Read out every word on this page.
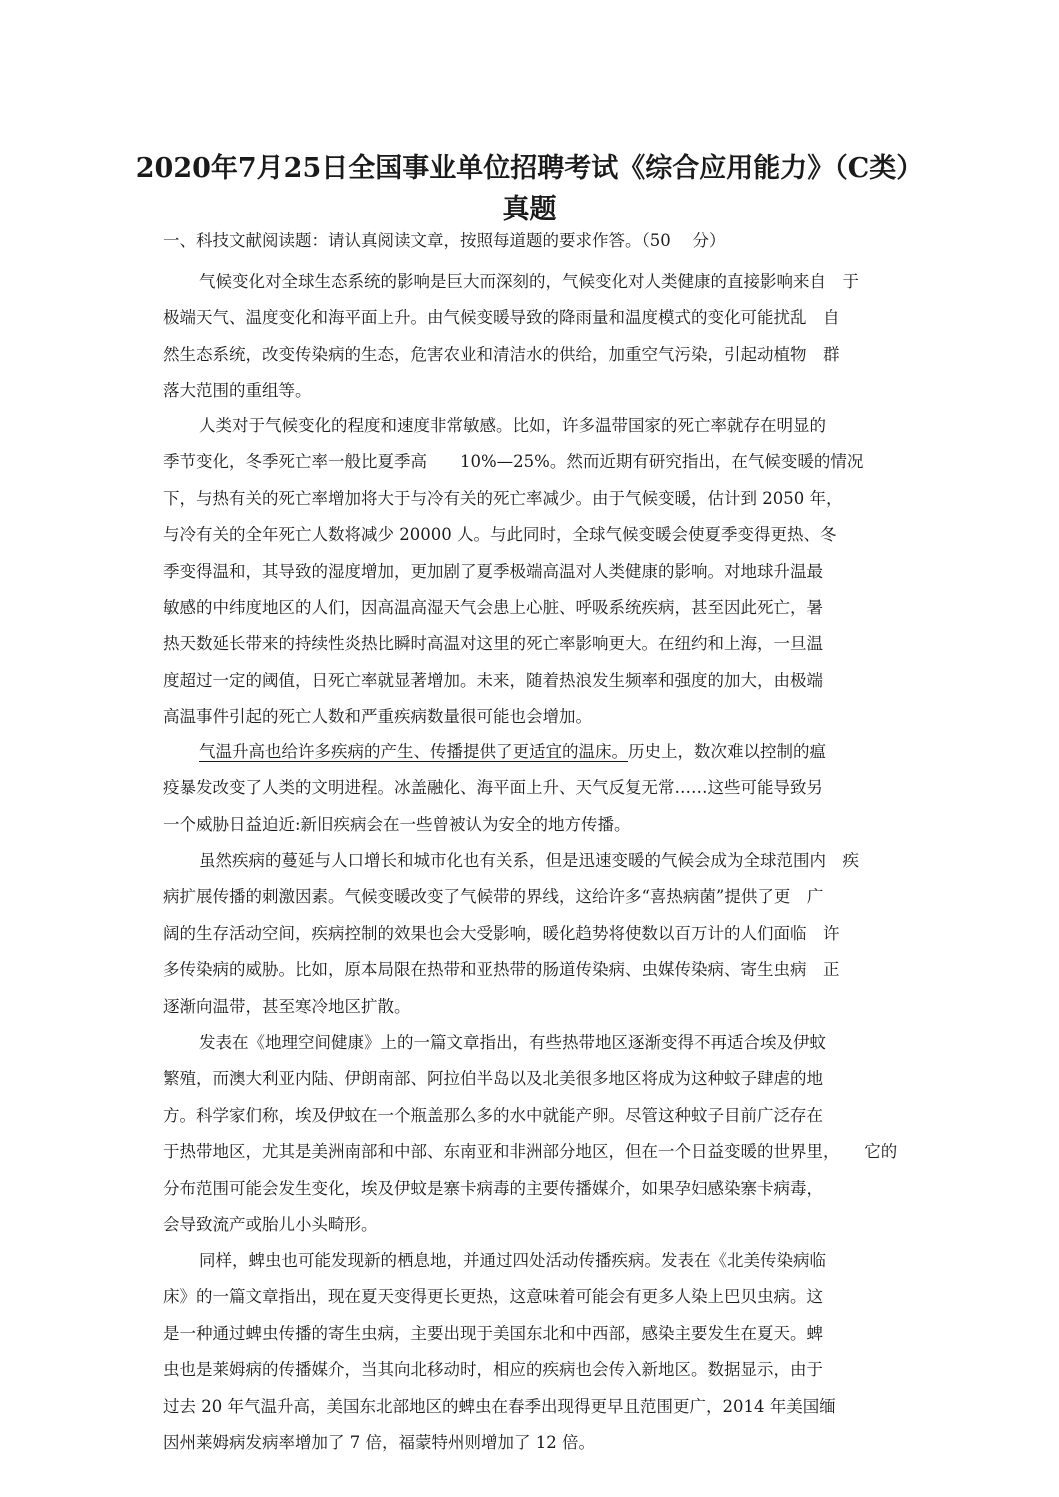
2020年7月25日全国事业单位招聘考试《综合应用能力》（C类）
真题
一、科技文献阅读题：请认真阅读文章，按照每道题的要求作答。（50　 分）
气候变化对全球生态系统的影响是巨大而深刻的，气候变化对人类健康的直接影响来自　于
极端天气、温度变化和海平面上升。由气候变暖导致的降雨量和温度模式的变化可能扰乱　自
然生态系统，改变传染病的生态，危害农业和清洁水的供给，加重空气污染，引起动植物　群
落大范围的重组等。
人类对于气候变化的程度和速度非常敏感。比如，许多温带国家的死亡率就存在明显的
季节变化，冬季死亡率一般比夏季高　　10%—25%。然而近期有研究指出，在气候变暖的情况
下，与热有关的死亡率增加将大于与冷有关的死亡率减少。由于气候变暖，估计到 2050 年，
与冷有关的全年死亡人数将减少 20000 人。与此同时，全球气候变暖会使夏季变得更热、冬
季变得温和，其导致的湿度增加，更加剧了夏季极端高温对人类健康的影响。对地球升温最
敏感的中纬度地区的人们，因高温高湿天气会患上心脏、呼吸系统疾病，甚至因此死亡，暑
热天数延长带来的持续性炎热比瞬时高温对这里的死亡率影响更大。在纽约和上海，一旦温
度超过一定的阈值，日死亡率就显著增加。未来，随着热浪发生频率和强度的加大，由极端
高温事件引起的死亡人数和严重疾病数量很可能也会增加。
气温升高也给许多疾病的产生、传播提供了更适宜的温床。历史上，数次难以控制的瘟
疫暴发改变了人类的文明进程。冰盖融化、海平面上升、天气反复无常……这些可能导致另
一个威胁日益迫近:新旧疾病会在一些曾被认为安全的地方传播。
虽然疾病的蔓延与人口增长和城市化也有关系，但是迅速变暖的气候会成为全球范围内　疾
病扩展传播的刺激因素。气候变暖改变了气候带的界线，这给许多“喜热病菌”提供了更　广
阔的生存活动空间，疾病控制的效果也会大受影响，暖化趋势将使数以百万计的人们面临　许
多传染病的威胁。比如，原本局限在热带和亚热带的肠道传染病、虫媒传染病、寄生虫病　正
逐渐向温带，甚至寒冷地区扩散。
发表在《地理空间健康》上的一篇文章指出，有些热带地区逐渐变得不再适合埃及伊蚊
繁殖，而澳大利亚内陆、伊朗南部、阿拉伯半岛以及北美很多地区将成为这种蚊子肆虐的地
方。科学家们称，埃及伊蚊在一个瓶盖那么多的水中就能产卵。尽管这种蚊子目前广泛存在
于热带地区，尤其是美洲南部和中部、东南亚和非洲部分地区，但在一个日益变暖的世界里，　　它的
分布范围可能会发生变化，埃及伊蚊是寨卡病毒的主要传播媒介，如果孕妇感染寨卡病毒，
会导致流产或胎儿小头畸形。
同样，蜱虫也可能发现新的栖息地，并通过四处活动传播疾病。发表在《北美传染病临
床》的一篇文章指出，现在夏天变得更长更热，这意味着可能会有更多人染上巴贝虫病。这
是一种通过蜱虫传播的寄生虫病，主要出现于美国东北和中西部，感染主要发生在夏天。蜱
虫也是莱姆病的传播媒介，当其向北移动时，相应的疾病也会传入新地区。数据显示，由于
过去 20 年气温升高，美国东北部地区的蜱虫在春季出现得更早且范围更广，2014 年美国缅
因州莱姆病发病率增加了 7 倍，福蒙特州则增加了 12 倍。
